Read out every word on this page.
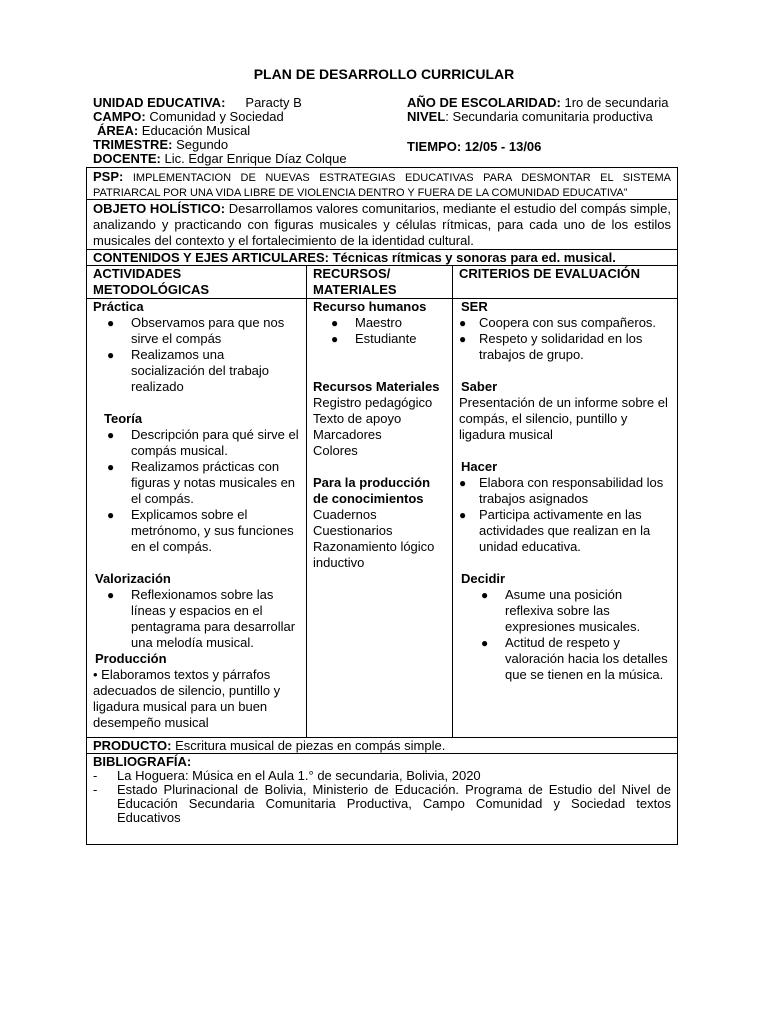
PLAN DE DESARROLLO CURRICULAR
UNIDAD EDUCATIVA: Paracty B
CAMPO: Comunidad y Sociedad
ÁREA: Educación Musical
TRIMESTRE: Segundo
DOCENTE: Lic. Edgar Enrique Díaz Colque
AÑO DE ESCOLARIDAD: 1ro de secundaria
NIVEL: Secundaria comunitaria productiva
TIEMPO: 12/05 - 13/06
PSP: IMPLEMENTACION DE NUEVAS ESTRATEGIAS EDUCATIVAS PARA DESMONTAR EL SISTEMA PATRIARCAL POR UNA VIDA LIBRE DE VIOLENCIA DENTRO Y FUERA DE LA COMUNIDAD EDUCATIVA”
OBJETO HOLÍSTICO: Desarrollamos valores comunitarios, mediante el estudio del compás simple, analizando y practicando con figuras musicales y células rítmicas, para cada uno de los estilos musicales del contexto y el fortalecimiento de la identidad cultural.
CONTENIDOS Y EJES ARTICULARES: Técnicas rítmicas y sonoras para ed. musical.
ACTIVIDADES METODOLÓGICAS
RECURSOS/ MATERIALES
CRITERIOS DE EVALUACIÓN
Práctica
● Observamos para que nos sirve el compás
● Realizamos una socialización del trabajo realizado
Teoría
● Descripción para qué sirve el compás musical.
● Realizamos prácticas con figuras y notas musicales en el compás.
● Explicamos sobre el metrónomo, y sus funciones en el compás.
Valorización
● Reflexionamos sobre las líneas y espacios en el pentagrama para desarrollar una melodía musical.
Producción
• Elaboramos textos y párrafos adecuados de silencio, puntillo y ligadura musical para un buen desempeño musical
Recurso humanos
● Maestro
● Estudiante
Recursos Materiales
Registro pedagógico
Texto de apoyo
Marcadores
Colores
Para la producción de conocimientos
Cuadernos
Cuestionarios
Razonamiento lógico inductivo
SER
● Coopera con sus compañeros.
● Respeto y solidaridad en los trabajos de grupo.
Saber
Presentación de un informe sobre el compás, el silencio, puntillo y ligadura musical
Hacer
● Elabora con responsabilidad los trabajos asignados
● Participa activamente en las actividades que realizan en la unidad educativa.
Decidir
● Asume una posición reflexiva sobre las expresiones musicales.
● Actitud de respeto y valoración hacia los detalles que se tienen en la música.
PRODUCTO: Escritura musical de piezas en compás simple.
BIBLIOGRAFÍA:
- La Hoguera: Música en el Aula 1.° de secundaria, Bolivia, 2020
- Estado Plurinacional de Bolivia, Ministerio de Educación. Programa de Estudio del Nivel de Educación Secundaria Comunitaria Productiva, Campo Comunidad y Sociedad textos Educativos
